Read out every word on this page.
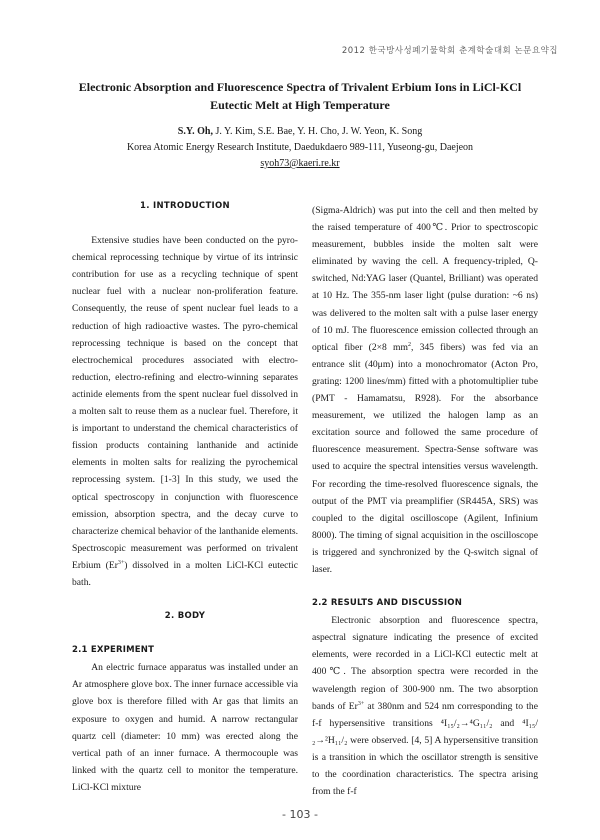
2012 한국방사성폐기물학회 춘계학술대회 논문요약집
Electronic Absorption and Fluorescence Spectra of Trivalent Erbium Ions in LiCl-KCl Eutectic Melt at High Temperature
S.Y. Oh, J. Y. Kim, S.E. Bae, Y. H. Cho, J. W. Yeon, K. Song
Korea Atomic Energy Research Institute, Daedukdaero 989-111, Yuseong-gu, Daejeon
syoh73@kaeri.re.kr

1. INTRODUCTION

Extensive studies have been conducted on the pyro-chemical reprocessing technique by virtue of its intrinsic contribution for use as a recycling technique of spent nuclear fuel with a nuclear non-proliferation feature. Consequently, the reuse of spent nuclear fuel leads to a reduction of high radioactive wastes. The pyro-chemical reprocessing technique is based on the concept that electrochemical procedures associated with electro-reduction, electro-refining and electro-winning separates actinide elements from the spent nuclear fuel dissolved in a molten salt to reuse them as a nuclear fuel. Therefore, it is important to understand the chemical characteristics of fission products containing lanthanide and actinide elements in molten salts for realizing the pyrochemical reprocessing system. [1-3] In this study, we used the optical spectroscopy in conjunction with fluorescence emission, absorption spectra, and the decay curve to characterize chemical behavior of the lanthanide elements. Spectroscopic measurement was performed on trivalent Erbium $(Er^{3+})$ dissolved in a molten LiCl-KCl eutectic bath.

2. BODY

2.1 EXPERIMENT

An electric furnace apparatus was installed under an Ar atmosphere glove box. The inner furnace accessible via glove box is therefore filled with Ar gas that limits an exposure to oxygen and humid. A narrow rectangular quartz cell (diameter: 10 mm) was erected along the vertical path of an inner furnace. A thermocouple was linked with the quartz cell to monitor the temperature. LiCl-KCl mixture

(Sigma-Aldrich) was put into the cell and then melted by the raised temperature of 400℃. Prior to spectroscopic measurement, bubbles inside the molten salt were eliminated by waving the cell. A frequency-tripled, Q-switched, Nd:YAG laser (Quantel, Brilliant) was operated at 10 Hz. The 355-nm laser light (pulse duration: ~6 ns) was delivered to the molten salt with a pulse laser energy of 10 mJ. The fluorescence emission collected through an optical fiber (2×8 $mm^2$, 345 fibers) was fed via an entrance slit (40μm) into a monochromator (Acton Pro, grating: 1200 lines/mm) fitted with a photomultiplier tube (PMT - Hamamatsu, R928). For the absorbance measurement, we utilized the halogen lamp as an excitation source and followed the same procedure of fluorescence measurement. Spectra-Sense software was used to acquire the spectral intensities versus wavelength. For recording the time-resolved fluorescence signals, the output of the PMT via preamplifier (SR445A, SRS) was coupled to the digital oscilloscope (Agilent, Infinium 8000). The timing of signal acquisition in the oscilloscope is triggered and synchronized by the Q-switch signal of laser.

2.2 RESULTS AND DISCUSSION

Electronic absorption and fluorescence spectra, aspectral signature indicating the presence of excited elements, were recorded in a LiCl-KCl eutectic melt at 400℃. The absorption spectra were recorded in the wavelength region of 300-900 nm. The two absorption bands of $Er^{3+}$ at 380nm and 524 nm corresponding to the f-f hypersensitive transitions ⁴I₁₅/₂→⁴G₁₁/₂ and ⁴I₁₅/₂→²H₁₁/₂ were observed. [4, 5] A hypersensitive transition is a transition in which the oscillator strength is sensitive to the coordination characteristics. The spectra arising from the f-f

- 103 -
